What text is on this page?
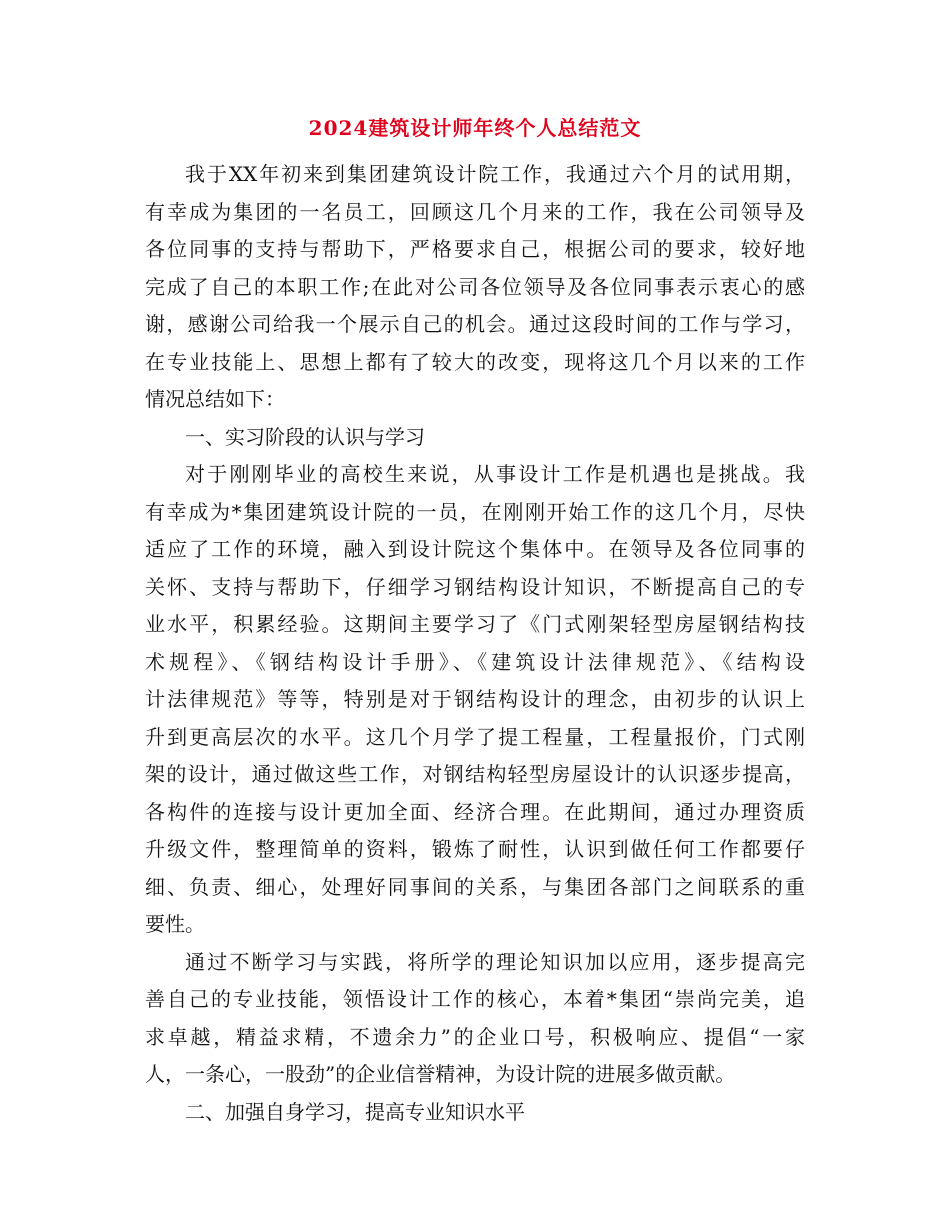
2024建筑设计师年终个人总结范文
我于XX年初来到集团建筑设计院工作，我通过六个月的试用期，
有幸成为集团的一名员工，回顾这几个月来的工作，我在公司领导及
各位同事的支持与帮助下，严格要求自己，根据公司的要求，较好地
完成了自己的本职工作;在此对公司各位领导及各位同事表示衷心的感
谢，感谢公司给我一个展示自己的机会。通过这段时间的工作与学习，
在专业技能上、思想上都有了较大的改变，现将这几个月以来的工作
情况总结如下：
一、实习阶段的认识与学习
对于刚刚毕业的高校生来说，从事设计工作是机遇也是挑战。我
有幸成为*集团建筑设计院的一员，在刚刚开始工作的这几个月，尽快
适应了工作的环境，融入到设计院这个集体中。在领导及各位同事的
关怀、支持与帮助下，仔细学习钢结构设计知识，不断提高自己的专
业水平，积累经验。这期间主要学习了《门式刚架轻型房屋钢结构技
术规程》、《钢结构设计手册》、《建筑设计法律规范》、《结构设
计法律规范》等等，特别是对于钢结构设计的理念，由初步的认识上
升到更高层次的水平。这几个月学了提工程量，工程量报价，门式刚
架的设计，通过做这些工作，对钢结构轻型房屋设计的认识逐步提高，
各构件的连接与设计更加全面、经济合理。在此期间，通过办理资质
升级文件，整理简单的资料，锻炼了耐性，认识到做任何工作都要仔
细、负责、细心，处理好同事间的关系，与集团各部门之间联系的重
要性。
通过不断学习与实践，将所学的理论知识加以应用，逐步提高完
善自己的专业技能，领悟设计工作的核心，本着*集团“崇尚完美，追
求卓越，精益求精，不遗余力”的企业口号，积极响应、提倡“一家
人，一条心，一股劲”的企业信誉精神，为设计院的进展多做贡献。
二、加强自身学习，提高专业知识水平
